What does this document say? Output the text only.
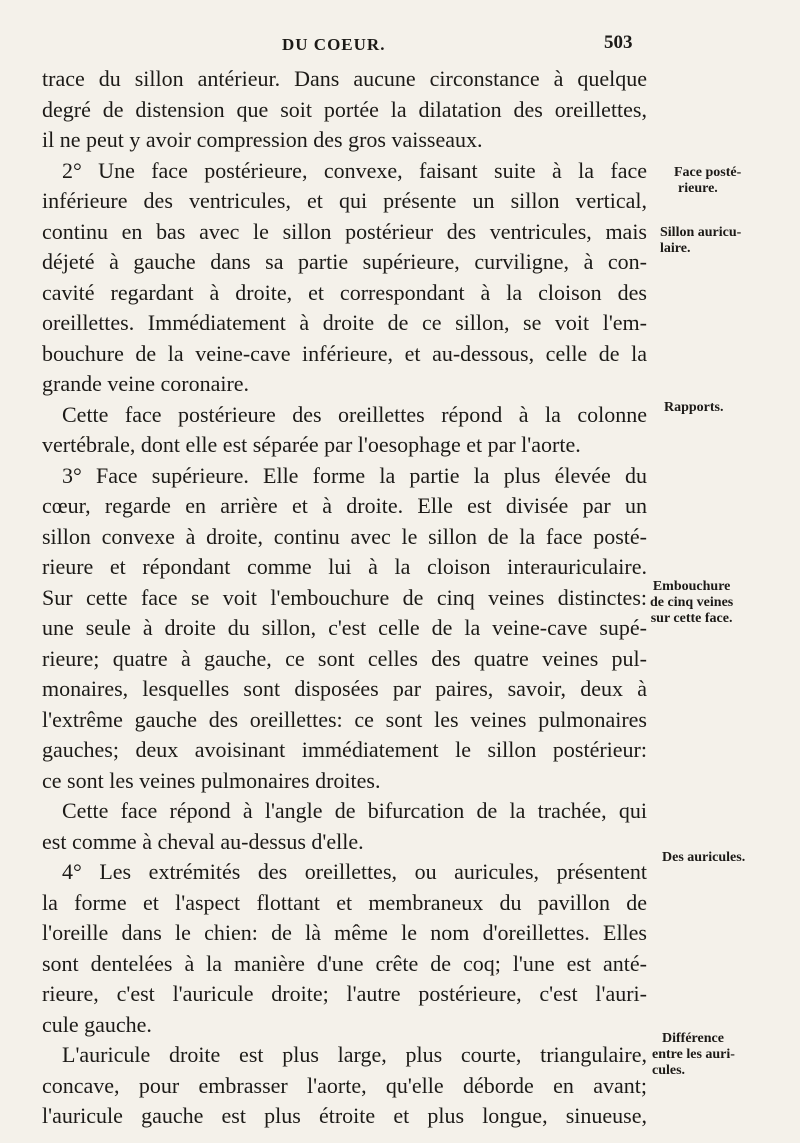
DU COEUR.	503
trace du sillon antérieur. Dans aucune circonstance à quelque
degré de distension que soit portée la dilatation des oreillettes,
il ne peut y avoir compression des gros vaisseaux.
2° Une face postérieure, convexe, faisant suite à la face
inférieure des ventricules, et qui présente un sillon vertical,
continu en bas avec le sillon postérieur des ventricules, mais
déjeté à gauche dans sa partie supérieure, curviligne, à con-
cavité regardant à droite, et correspondant à la cloison des
oreillettes. Immédiatement à droite de ce sillon, se voit l'em-
bouchure de la veine-cave inférieure, et au-dessous, celle de la
grande veine coronaire.
Cette face postérieure des oreillettes répond à la colonne
vertébrale, dont elle est séparée par l'oesophage et par l'aorte.
3° Face supérieure. Elle forme la partie la plus élevée du
cœur, regarde en arrière et à droite. Elle est divisée par un
sillon convexe à droite, continu avec le sillon de la face posté-
rieure et répondant comme lui à la cloison interauriculaire.
Sur cette face se voit l'embouchure de cinq veines distinctes:
une seule à droite du sillon, c'est celle de la veine-cave supé-
rieure; quatre à gauche, ce sont celles des quatre veines pul-
monaires, lesquelles sont disposées par paires, savoir, deux à
l'extrême gauche des oreillettes: ce sont les veines pulmonaires
gauches; deux avoisinant immédiatement le sillon postérieur:
ce sont les veines pulmonaires droites.
Cette face répond à l'angle de bifurcation de la trachée, qui
est comme à cheval au-dessus d'elle.
4° Les extrémités des oreillettes, ou auricules, présentent
la forme et l'aspect flottant et membraneux du pavillon de
l'oreille dans le chien: de là même le nom d'oreillettes. Elles
sont dentelées à la manière d'une crête de coq; l'une est anté-
rieure, c'est l'auricule droite; l'autre postérieure, c'est l'auri-
cule gauche.
L'auricule droite est plus large, plus courte, triangulaire,
concave, pour embrasser l'aorte, qu'elle déborde en avant;
l'auricule gauche est plus étroite et plus longue, sinueuse,
Face posté-
rieure.
Sillon auricu-
laire.
Rapports.
Embouchure
de cinq veines
sur cette face.
Des auricules.
Différence
entre les auri-
cules.
